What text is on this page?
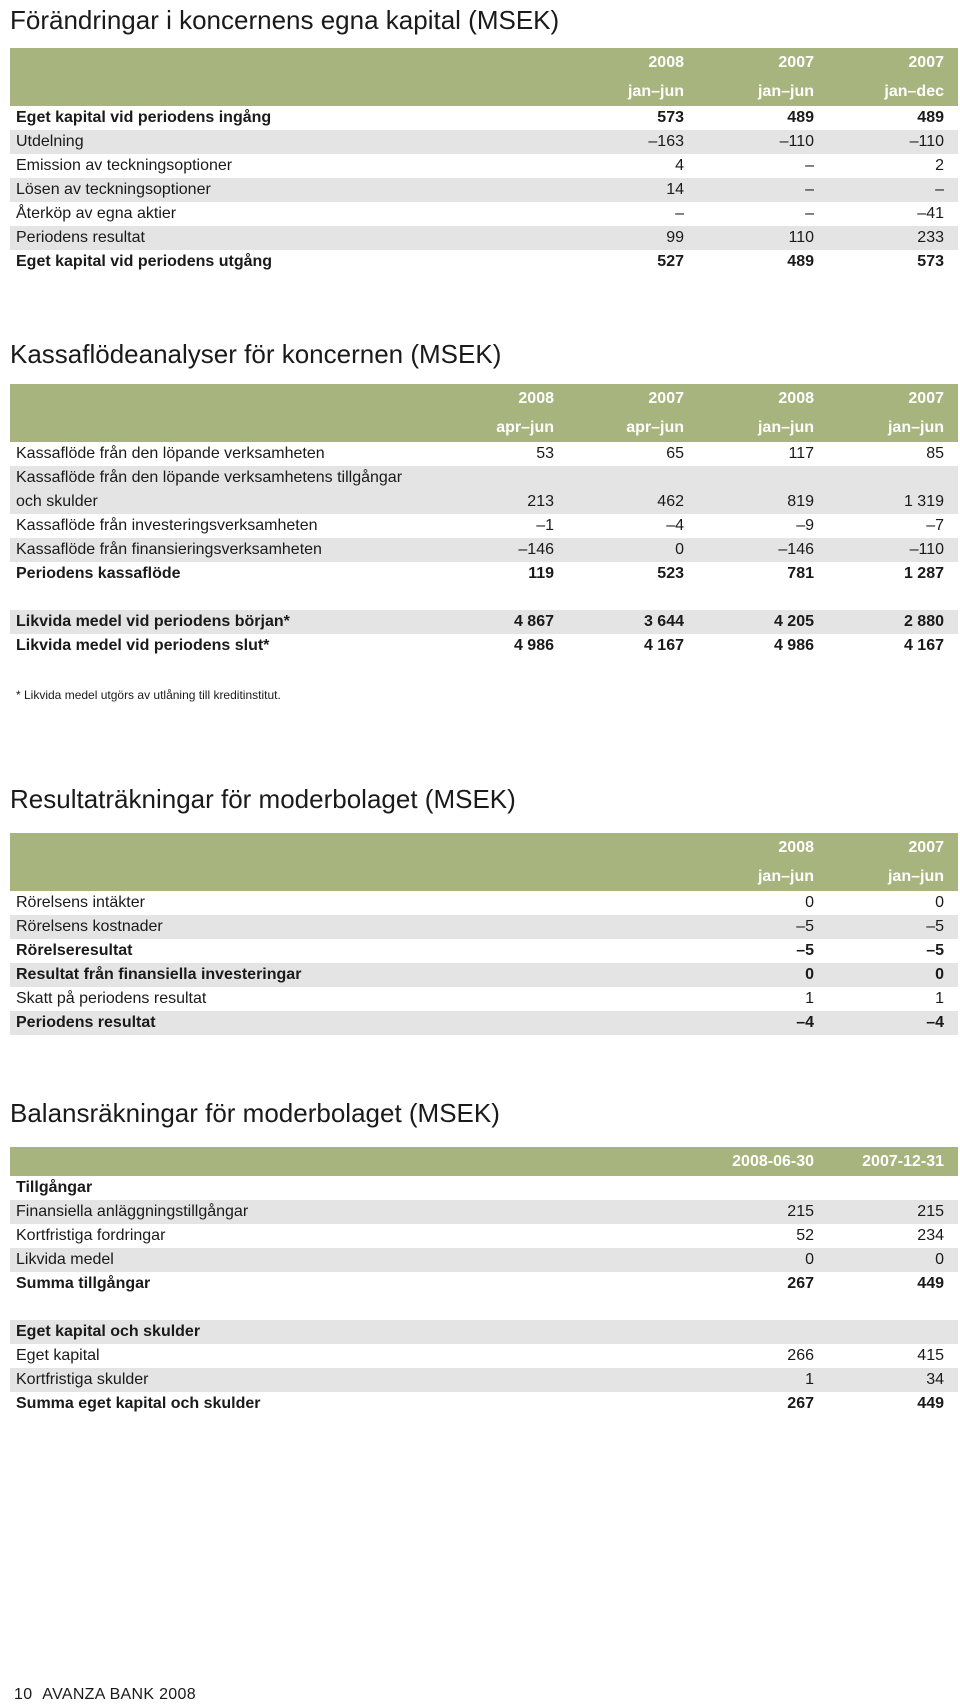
Förändringar i koncernens egna kapital (MSEK)
	2008	2007	2007
	jan–jun	jan–jun	jan–dec
Eget kapital vid periodens ingång	573	489	489
Utdelning	–163	–110	–110
Emission av teckningsoptioner	4	–	2
Lösen av teckningsoptioner	14	–	–
Återköp av egna aktier	–	–	–41
Periodens resultat	99	110	233
Eget kapital vid periodens utgång	527	489	573
Kassaflödeanalyser för koncernen (MSEK)
	2008	2007	2008	2007
	apr–jun	apr–jun	jan–jun	jan–jun
Kassaflöde från den löpande verksamheten	53	65	117	85
Kassaflöde från den löpande verksamhetens tillgångar				
och skulder	213	462	819	1 319
Kassaflöde från investeringsverksamheten	–1	–4	–9	–7
Kassaflöde från finansieringsverksamheten	–146	0	–146	–110
Periodens kassaflöde	119	523	781	1 287

Likvida medel vid periodens början*	4 867	3 644	4 205	2 880
Likvida medel vid periodens slut*	4 986	4 167	4 986	4 167
* Likvida medel utgörs av utlåning till kreditinstitut.
Resultaträkningar för moderbolaget (MSEK)
	2008	2007
	jan–jun	jan–jun
Rörelsens intäkter	0	0
Rörelsens kostnader	–5	–5
Rörelseresultat	–5	–5
Resultat från finansiella investeringar	0	0
Skatt på periodens resultat	1	1
Periodens resultat	–4	–4
Balansräkningar för moderbolaget (MSEK)
	2008-06-30	2007-12-31
Tillgångar		
Finansiella anläggningstillgångar	215	215
Kortfristiga fordringar	52	234
Likvida medel	0	0
Summa tillgångar	267	449

Eget kapital och skulder		
Eget kapital	266	415
Kortfristiga skulder	1	34
Summa eget kapital och skulder	267	449
10 AVANZA BANK 2008
